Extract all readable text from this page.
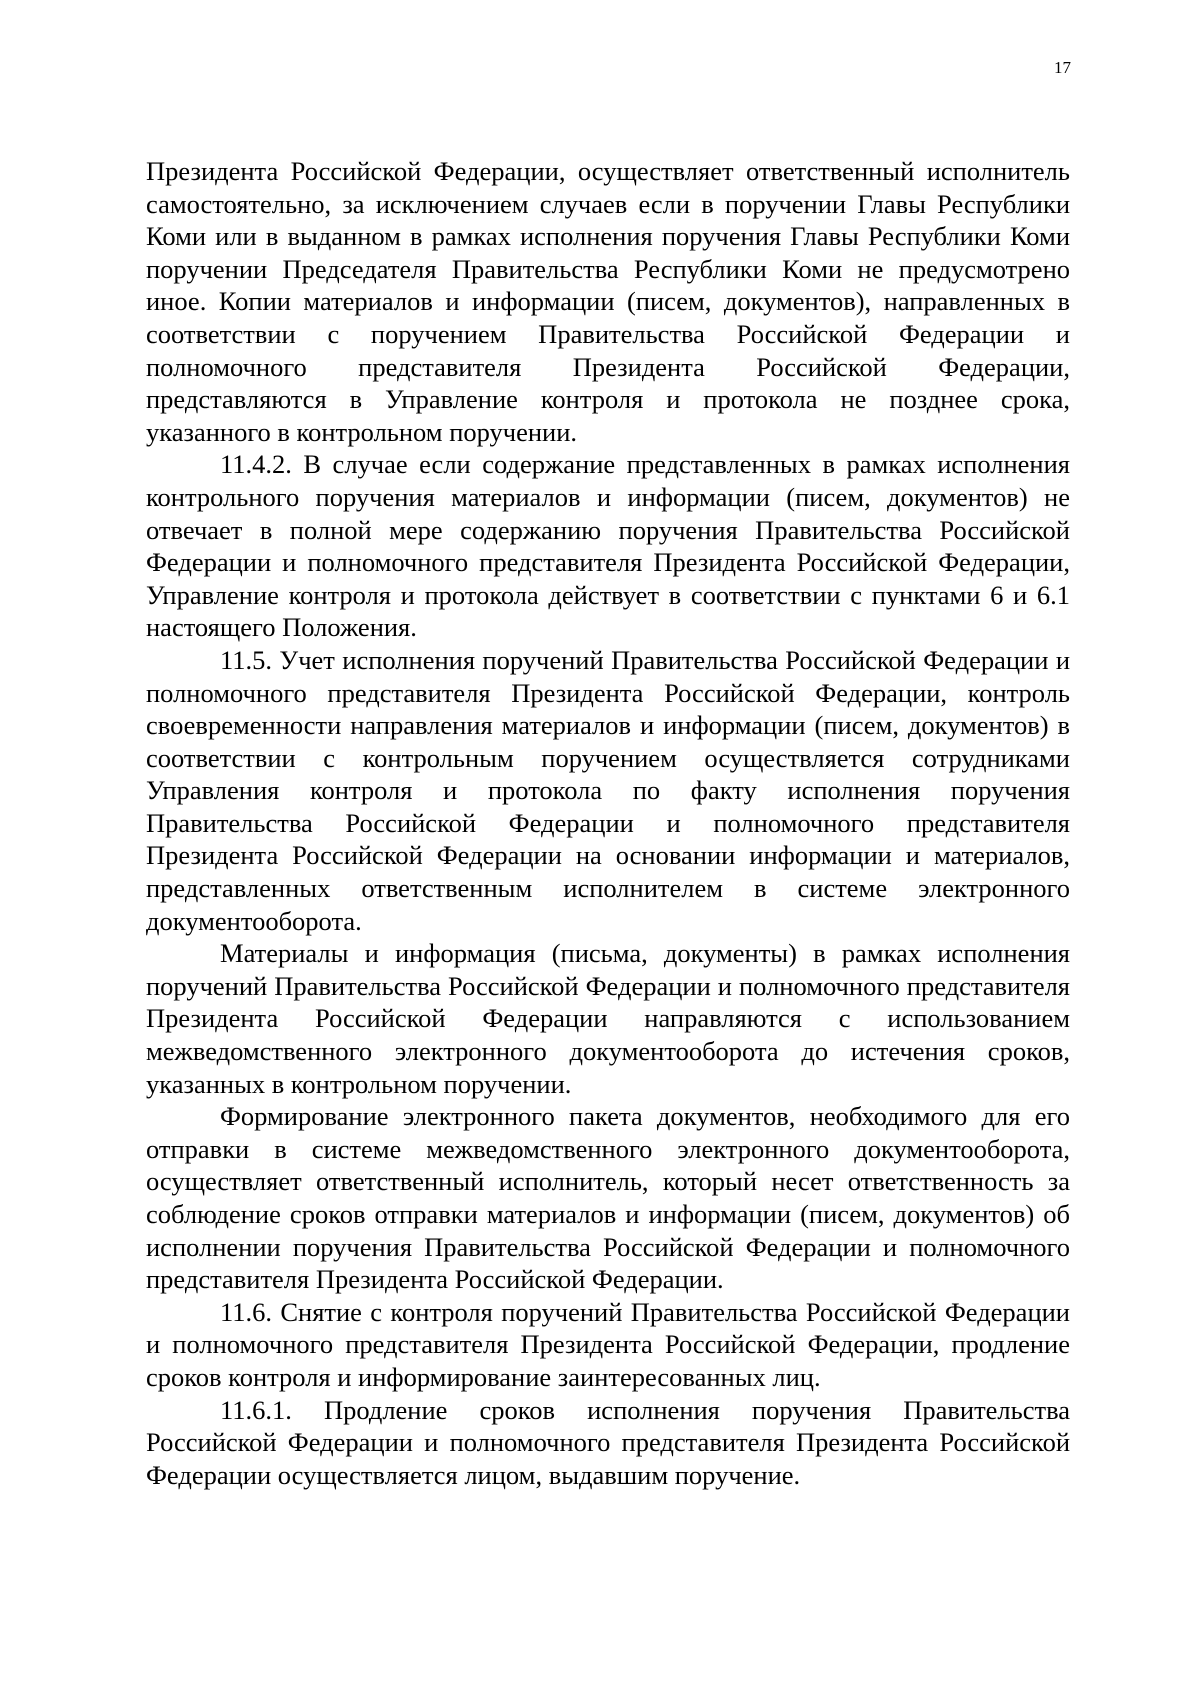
17

Президента Российской Федерации, осуществляет ответственный исполнитель самостоятельно, за исключением случаев если в поручении Главы Республики Коми или в выданном в рамках исполнения поручения Главы Республики Коми поручении Председателя Правительства Республики Коми не предусмотрено иное. Копии материалов и информации (писем, документов), направленных в соответствии с поручением Правительства Российской Федерации и полномочного представителя Президента Российской Федерации, представляются в Управление контроля и протокола не позднее срока, указанного в контрольном поручении.

11.4.2. В случае если содержание представленных в рамках исполнения контрольного поручения материалов и информации (писем, документов) не отвечает в полной мере содержанию поручения Правительства Российской Федерации и полномочного представителя Президента Российской Федерации, Управление контроля и протокола действует в соответствии с пунктами 6 и 6.1 настоящего Положения.

11.5. Учет исполнения поручений Правительства Российской Федерации и полномочного представителя Президента Российской Федерации, контроль своевременности направления материалов и информации (писем, документов) в соответствии с контрольным поручением осуществляется сотрудниками Управления контроля и протокола по факту исполнения поручения Правительства Российской Федерации и полномочного представителя Президента Российской Федерации на основании информации и материалов, представленных ответственным исполнителем в системе электронного документооборота.

Материалы и информация (письма, документы) в рамках исполнения поручений Правительства Российской Федерации и полномочного представителя Президента Российской Федерации направляются с использованием межведомственного электронного документооборота до истечения сроков, указанных в контрольном поручении.

Формирование электронного пакета документов, необходимого для его отправки в системе межведомственного электронного документооборота, осуществляет ответственный исполнитель, который несет ответственность за соблюдение сроков отправки материалов и информации (писем, документов) об исполнении поручения Правительства Российской Федерации и полномочного представителя Президента Российской Федерации.

11.6. Снятие с контроля поручений Правительства Российской Федерации и полномочного представителя Президента Российской Федерации, продление сроков контроля и информирование заинтересованных лиц.

11.6.1. Продление сроков исполнения поручения Правительства Российской Федерации и полномочного представителя Президента Российской Федерации осуществляется лицом, выдавшим поручение.
